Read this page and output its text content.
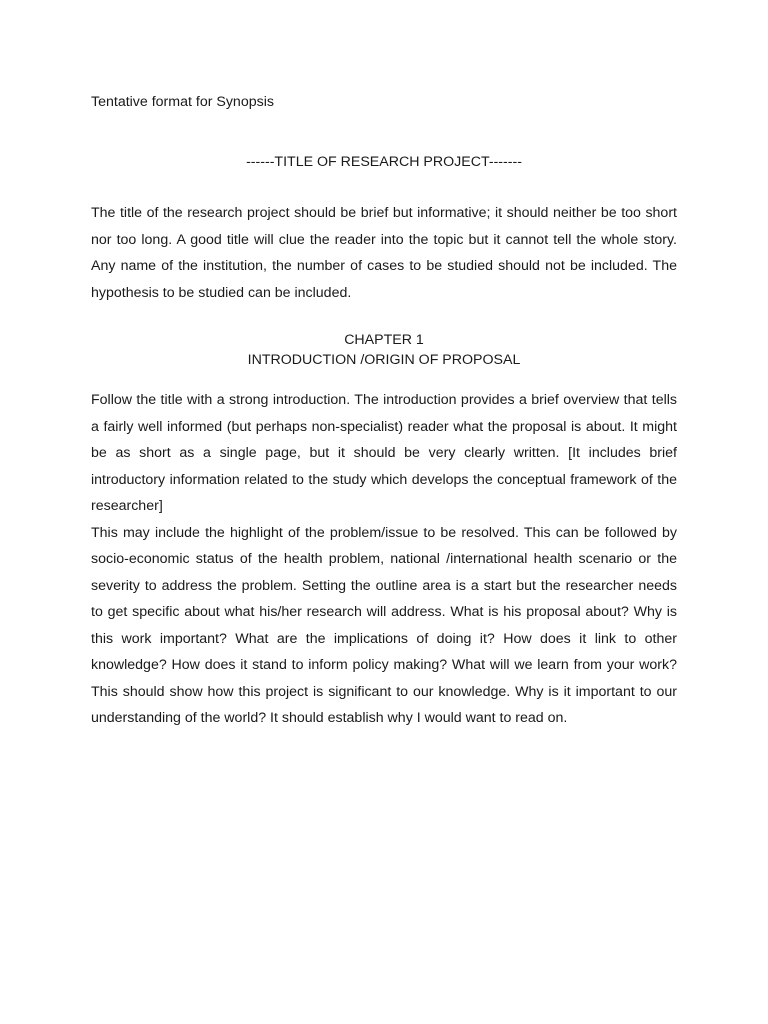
Tentative format for Synopsis

------TITLE OF RESEARCH PROJECT-------

The title of the research project should be brief but informative; it should neither be too short nor too long. A good title will clue the reader into the topic but it cannot tell the whole story. Any name of the institution, the number of cases to be studied should not be included. The hypothesis to be studied can be included.

CHAPTER 1
INTRODUCTION /ORIGIN OF PROPOSAL

Follow the title with a strong introduction. The introduction provides a brief overview that tells a fairly well informed (but perhaps non-specialist) reader what the proposal is about. It might be as short as a single page, but it should be very clearly written. [It includes brief introductory information related to the study which develops the conceptual framework of the researcher]

This may include the highlight of the problem/issue to be resolved. This can be followed by socio-economic status of the health problem, national /international health scenario or the severity to address the problem. Setting the outline area is a start but the researcher needs to get specific about what his/her research will address. What is his proposal about? Why is this work important? What are the implications of doing it? How does it link to other knowledge? How does it stand to inform policy making? What will we learn from your work? This should show how this project is significant to our knowledge. Why is it important to our understanding of the world? It should establish why I would want to read on.
